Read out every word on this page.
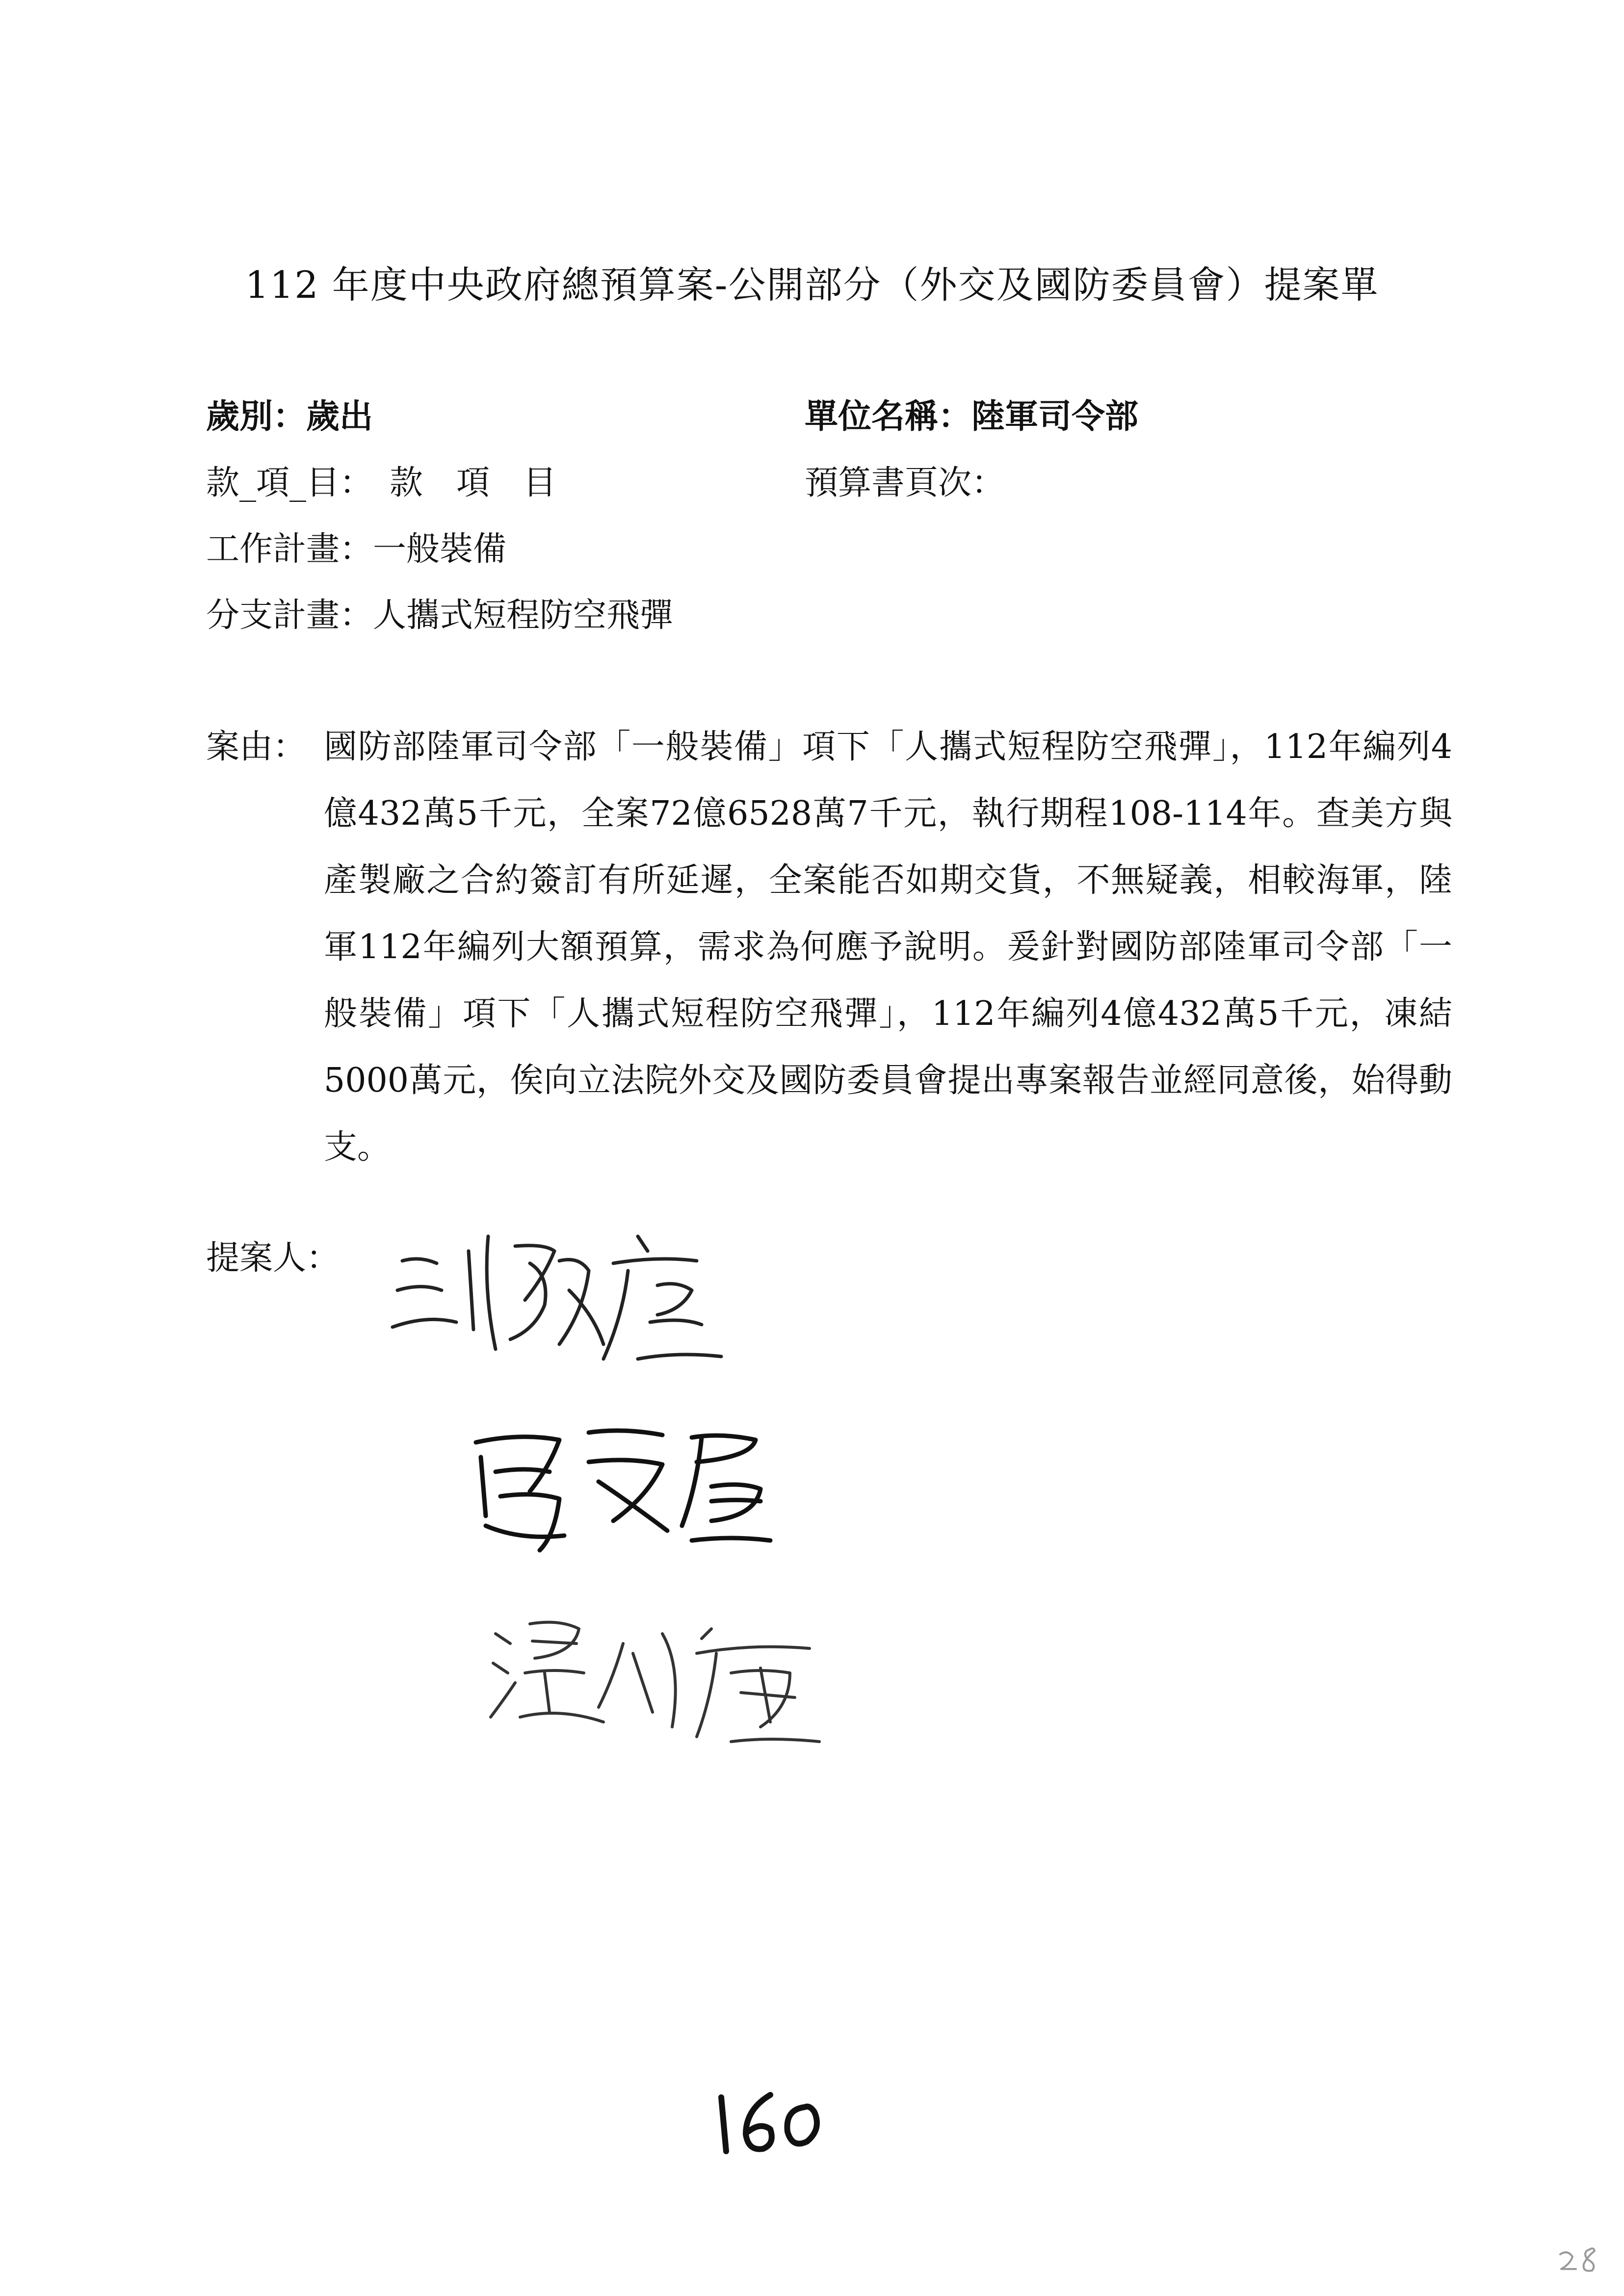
112 年度中央政府總預算案-公開部分（外交及國防委員會）提案單
歲別：歲出	單位名稱：陸軍司令部
款_項_目：　款　項　目	預算書頁次：
工作計畫：一般裝備
分支計畫：人攜式短程防空飛彈
案由： 國防部陸軍司令部「一般裝備」項下「人攜式短程防空飛彈」，112年編列4億432萬5千元，全案72億6528萬7千元，執行期程108-114年。查美方與產製廠之合約簽訂有所延遲，全案能否如期交貨，不無疑義，相較海軍，陸軍112年編列大額預算，需求為何應予說明。爰針對國防部陸軍司令部「一般裝備」項下「人攜式短程防空飛彈」，112年編列4億432萬5千元，凍結5000萬元，俟向立法院外交及國防委員會提出專案報告並經同意後，始得動支。
提案人：
